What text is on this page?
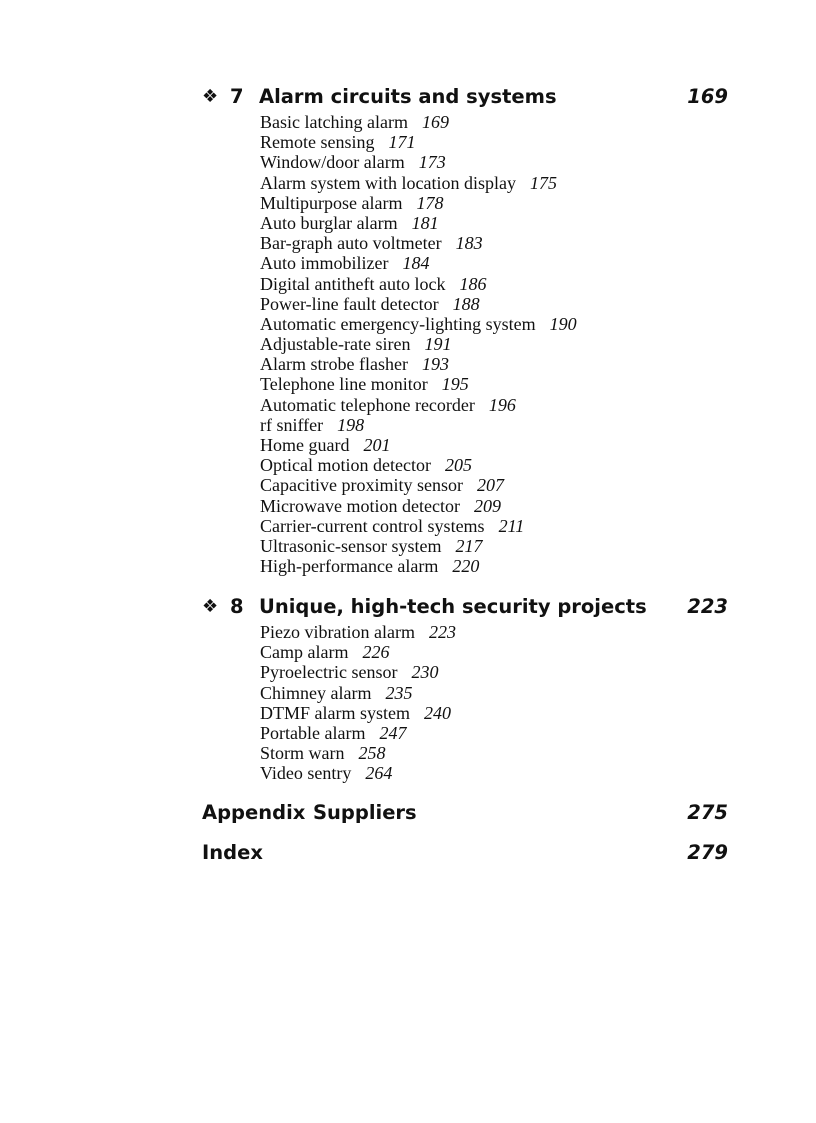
❖ 7 Alarm circuits and systems	169
Basic latching alarm 169
Remote sensing 171
Window/door alarm 173
Alarm system with location display 175
Multipurpose alarm 178
Auto burglar alarm 181
Bar-graph auto voltmeter 183
Auto immobilizer 184
Digital antitheft auto lock 186
Power-line fault detector 188
Automatic emergency-lighting system 190
Adjustable-rate siren 191
Alarm strobe flasher 193
Telephone line monitor 195
Automatic telephone recorder 196
rf sniffer 198
Home guard 201
Optical motion detector 205
Capacitive proximity sensor 207
Microwave motion detector 209
Carrier-current control systems 211
Ultrasonic-sensor system 217
High-performance alarm 220
❖ 8 Unique, high-tech security projects 223
Piezo vibration alarm 223
Camp alarm 226
Pyroelectric sensor 230
Chimney alarm 235
DTMF alarm system 240
Portable alarm 247
Storm warn 258
Video sentry 264
Appendix Suppliers	275
Index	279
